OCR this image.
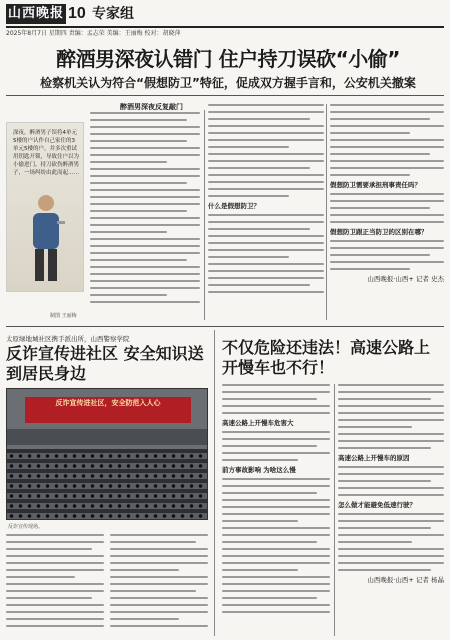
山西晚报 10 专家组
2025年8月7日 星期四 责编：孟志荣 美编：王丽梅 校对：胡晓萍
醉酒男深夜认错门 住户持刀误砍“小偷”
检察机关认为符合“假想防卫”特征，促成双方握手言和，公安机关撤案
深夜，醉酒男子误将4单元5楼的户认作自己家住的3单元5楼的户，并多次重试用钥匙开锁，导致住户以为小偷进门，持刀砍伤醉酒男子，一场纠纷由此而起……
制图 王丽梅
醉酒男深夜反复敲门
什么是假想防卫？
假想防卫需要承担刑事责任吗？
假想防卫跟正当防卫的区别在哪？
山西晚报·山西+ 记者 史杰
太原绿地城社区携手派出所，山西警察学院
反诈宣传进社区 安全知识送到居民身边
反诈宣传进社区，安全防范入人心
反诈宣传现场。
不仅危险还违法！高速公路上开慢车也不行！
高速公路上开慢车危害大
前方事故影响 为啥这么慢
高速公路上开慢车的原因
怎么做才能避免低速行驶？
山西晚报·山西+ 记者 杨晶
